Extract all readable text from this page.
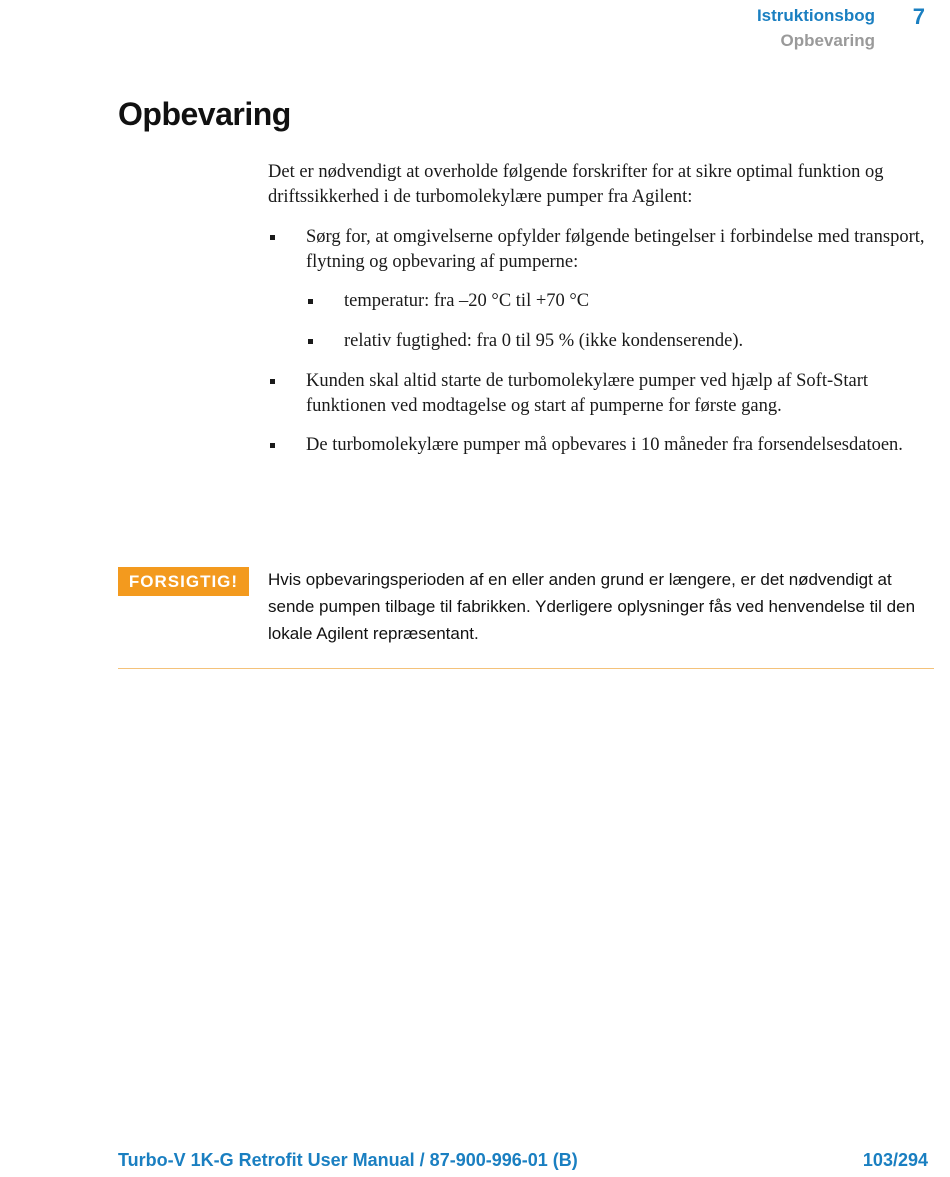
Istruktionsbog 7
Opbevaring
Opbevaring

Det er nødvendigt at overholde følgende forskrifter for at sikre optimal funktion og driftssikkerhed i de turbomolekylære pumper fra Agilent:

Sørg for, at omgivelserne opfylder følgende betingelser i forbindelse med transport, flytning og opbevaring af pumperne:
temperatur: fra –20 °C til +70 °C
relativ fugtighed: fra 0 til 95 % (ikke kondenserende).
Kunden skal altid starte de turbomolekylære pumper ved hjælp af Soft-Start funktionen ved modtagelse og start af pumperne for første gang.
De turbomolekylære pumper må opbevares i 10 måneder fra forsendelsesdatoen.
FORSIGTIG!	Hvis opbevaringsperioden af en eller anden grund er længere, er det nødvendigt at sende pumpen tilbage til fabrikken. Yderligere oplysninger fås ved henvendelse til den lokale Agilent repræsentant.
Turbo-V 1K-G Retrofit User Manual / 87-900-996-01 (B)	103/294
